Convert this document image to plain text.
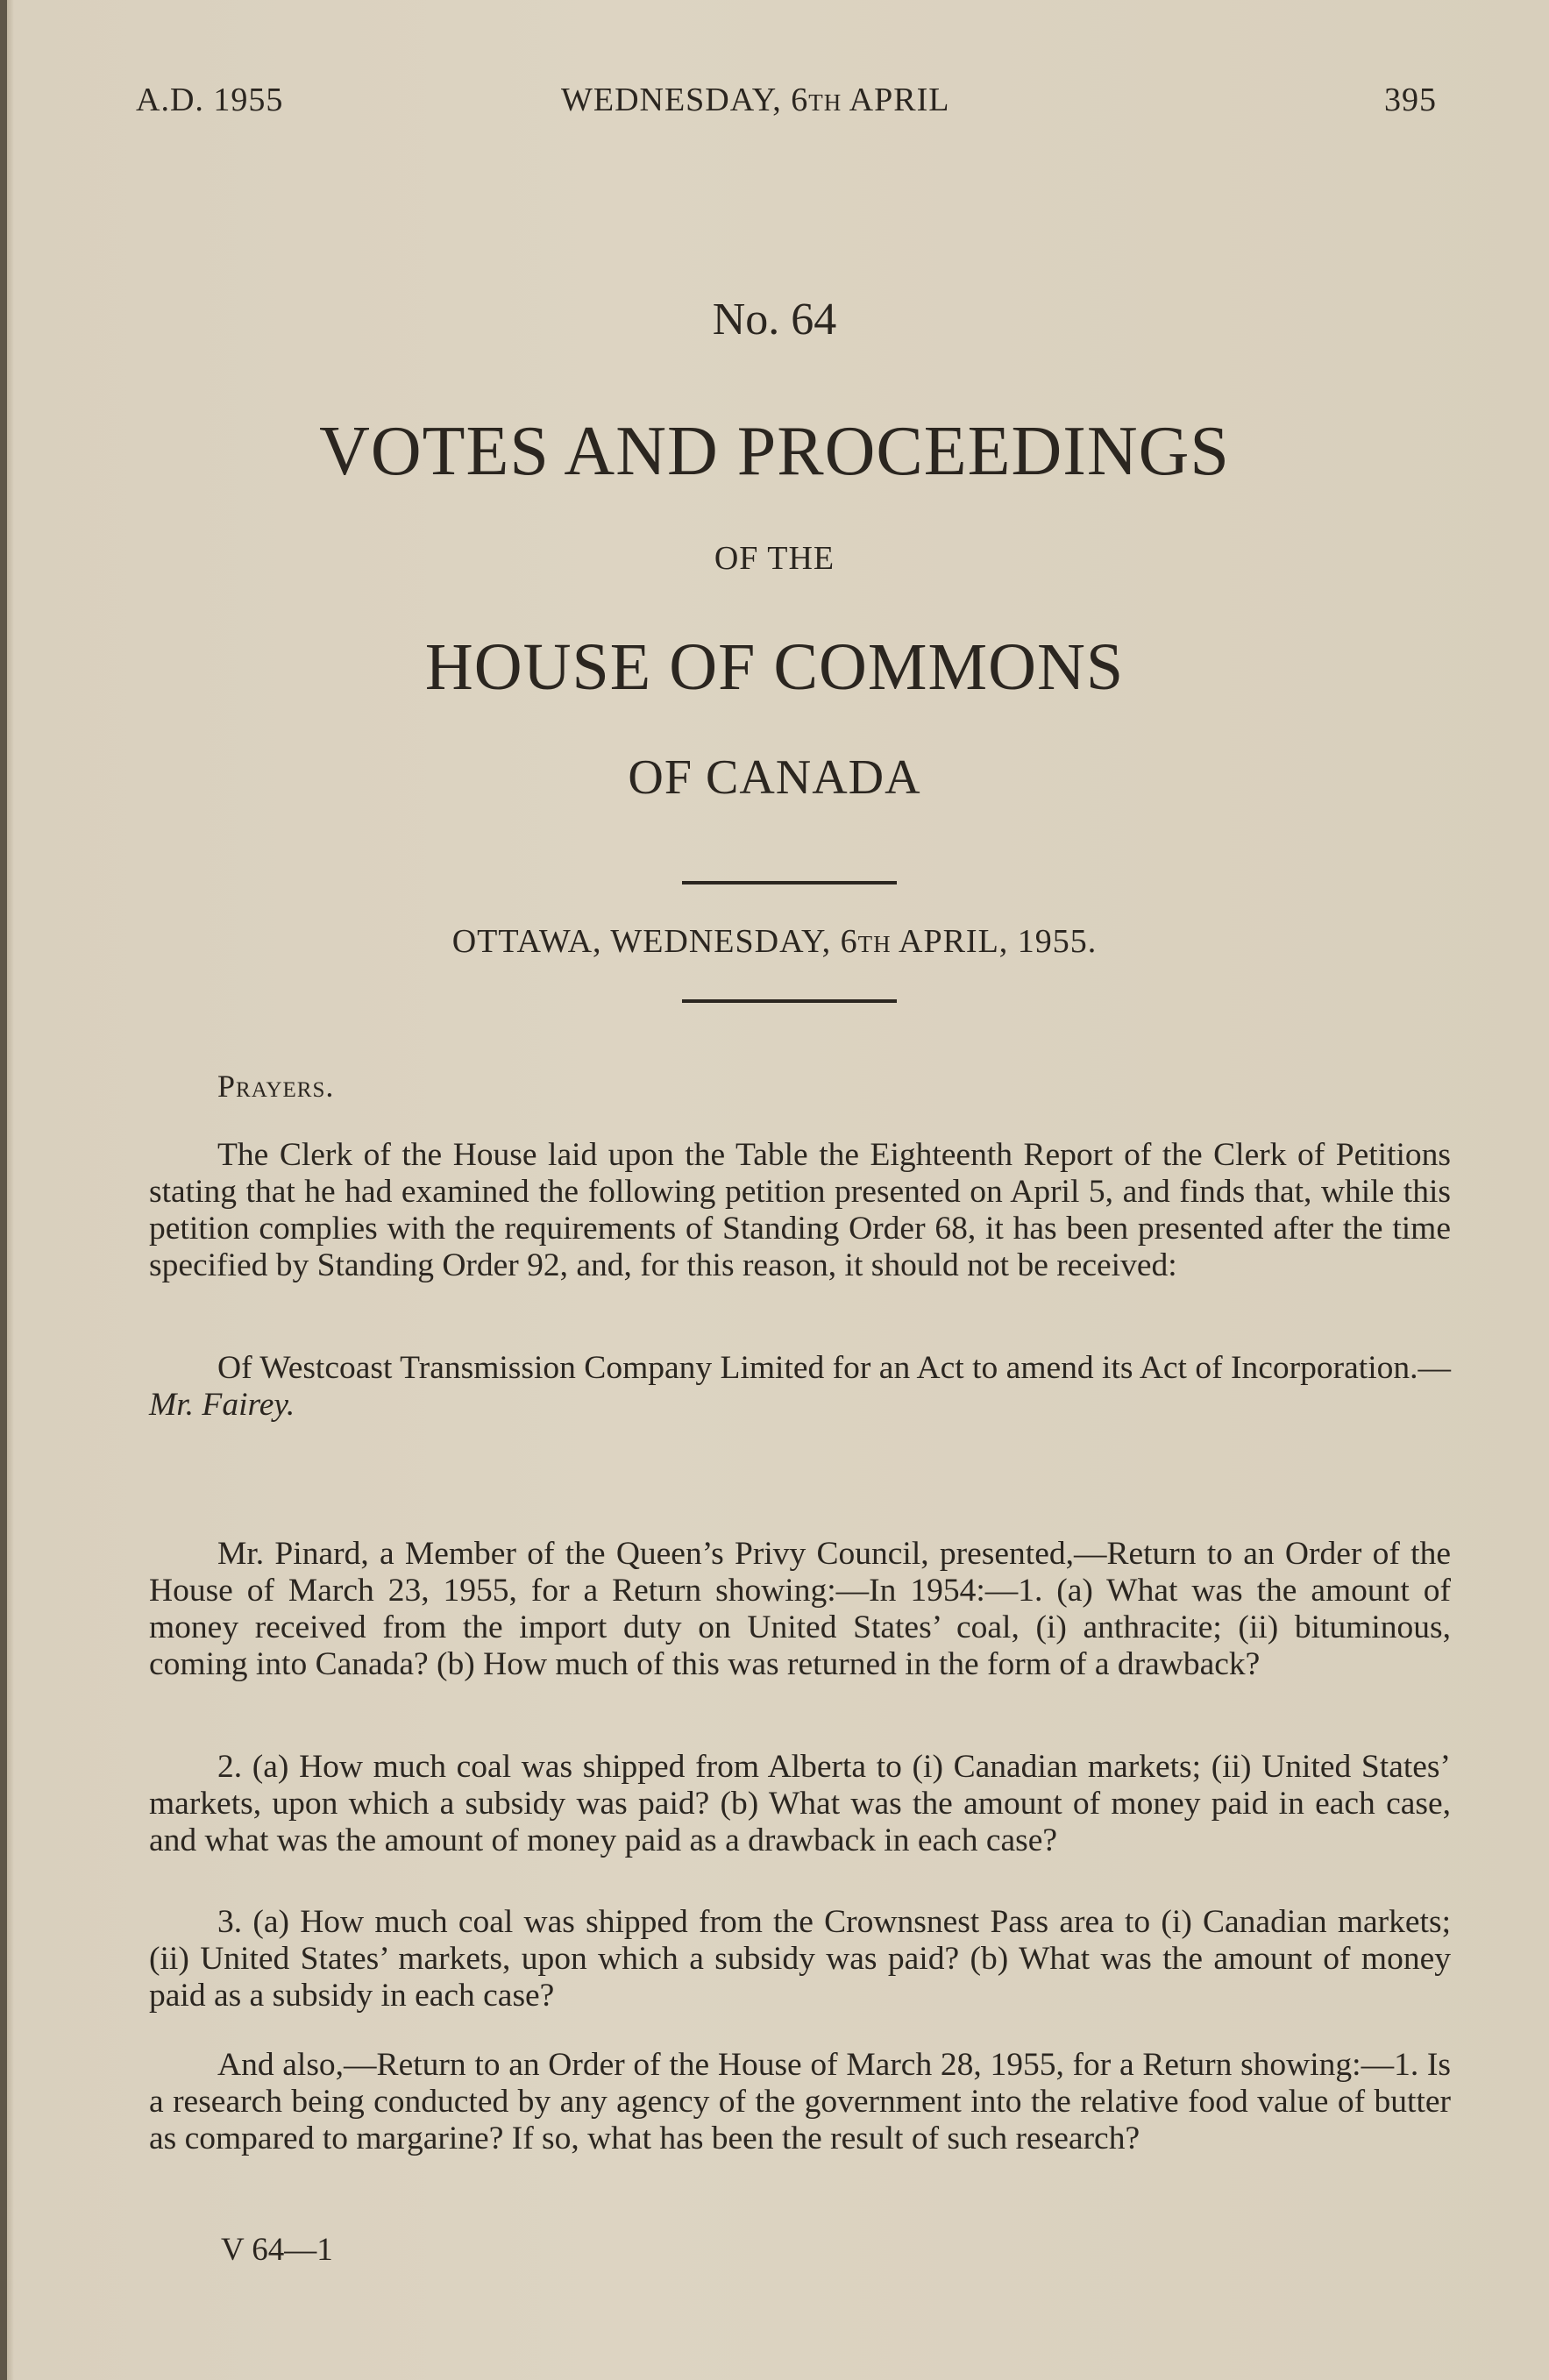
A.D. 1955	WEDNESDAY, 6th APRIL	395
No. 64
VOTES AND PROCEEDINGS
OF THE
HOUSE OF COMMONS
OF CANADA
OTTAWA, WEDNESDAY, 6th APRIL, 1955.
Prayers.

The Clerk of the House laid upon the Table the Eighteenth Report of the Clerk of Petitions stating that he had examined the following petition presented on April 5, and finds that, while this petition complies with the requirements of Standing Order 68, it has been presented after the time specified by Standing Order 92, and, for this reason, it should not be received:

Of Westcoast Transmission Company Limited for an Act to amend its Act of Incorporation.—Mr. Fairey.

Mr. Pinard, a Member of the Queen’s Privy Council, presented,—Return to an Order of the House of March 23, 1955, for a Return showing:—In 1954:—1. (a) What was the amount of money received from the import duty on United States’ coal, (i) anthracite; (ii) bituminous, coming into Canada? (b) How much of this was returned in the form of a drawback?

2. (a) How much coal was shipped from Alberta to (i) Canadian markets; (ii) United States’ markets, upon which a subsidy was paid? (b) What was the amount of money paid in each case, and what was the amount of money paid as a drawback in each case?

3. (a) How much coal was shipped from the Crownsnest Pass area to (i) Canadian markets; (ii) United States’ markets, upon which a subsidy was paid? (b) What was the amount of money paid as a subsidy in each case?

And also,—Return to an Order of the House of March 28, 1955, for a Return showing:—1. Is a research being conducted by any agency of the government into the relative food value of butter as compared to margarine? If so, what has been the result of such research?

V 64—1
